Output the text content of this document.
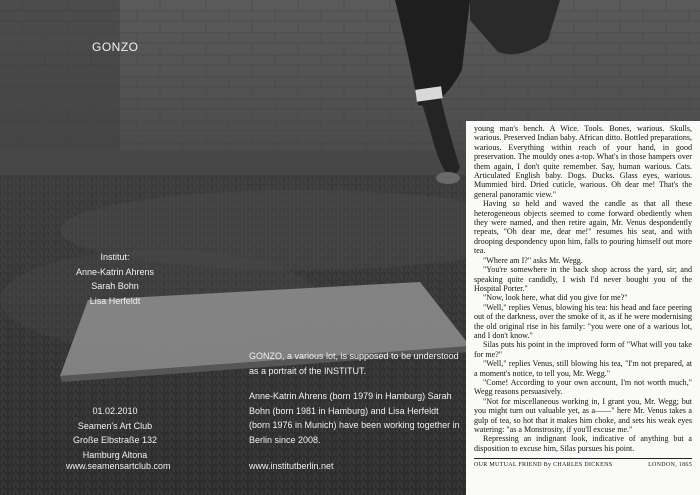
GONZO
Institut:
Anne-Katrin Ahrens
Sarah Bohn
Lisa Herfeldt
01.02.2010
Seamen's Art Club
Große Elbstraße 132
Hamburg Altona
www.seamensartclub.com

GONZO, a various lot, is supposed to be understood as a portrait of the INSTITUT.

Anne-Katrin Ahrens (born 1979 in Hamburg) Sarah Bohn (born 1981 in Hamburg) and Lisa Herfeldt (born 1976 in Munich) have been working together in Berlin since 2008.

www.institutberlin.net

young man's bench. A Wice. Tools. Bones, warious. Skulls, warious. Preserved Indian baby. African ditto. Bottled preparations, warious. Everything within reach of your hand, in good preservation. The mouldy ones a-top. What's in those hampers over them again, I don't quite remember. Say, human warious. Cats. Articulated English baby. Dogs. Ducks. Glass eyes, warious. Mummied bird. Dried cuticle, warious. Oh dear me! That's the general panoramic view."

Having so held and waved the candle as that all these heterogeneous objects seemed to come forward obediently when they were named, and then retire again, Mr. Venus despondently repeats, "Oh dear me, dear me!" resumes his seat, and with drooping despondency upon him, falls to pouring himself out more tea.

"Where am I?" asks Mr. Wegg.

"You're somewhere in the back shop across the yard, sir; and speaking quite candidly, I wish I'd never bought you of the Hospital Porter."

"Now, look here, what did you give for me?"

"Well," replies Venus, blowing his tea: his head and face peering out of the darkness, over the smoke of it, as if he were modernising the old original rise in his family: "you were one of a warious lot, and I don't know."

Silas puts his point in the improved form of "What will you take for me?"

"Well," replies Venus, still blowing his tea, "I'm not prepared, at a moment's notice, to tell you, Mr. Wegg."

"Come! According to your own account, I'm not worth much," Wegg reasons persuasively.

"Not for miscellaneous working in, I grant you, Mr. Wegg; but you might turn out valuable yet, as a——" here Mr. Venus takes a gulp of tea, so hot that it makes him choke, and sets his weak eyes watering: "as a Monstrosity, if you'll excuse me."

Repressing an indignant look, indicative of anything but a disposition to excuse him, Silas pursues his point.

OUR MUTUAL FRIEND By CHARLES DICKENS	LONDON, 1865
